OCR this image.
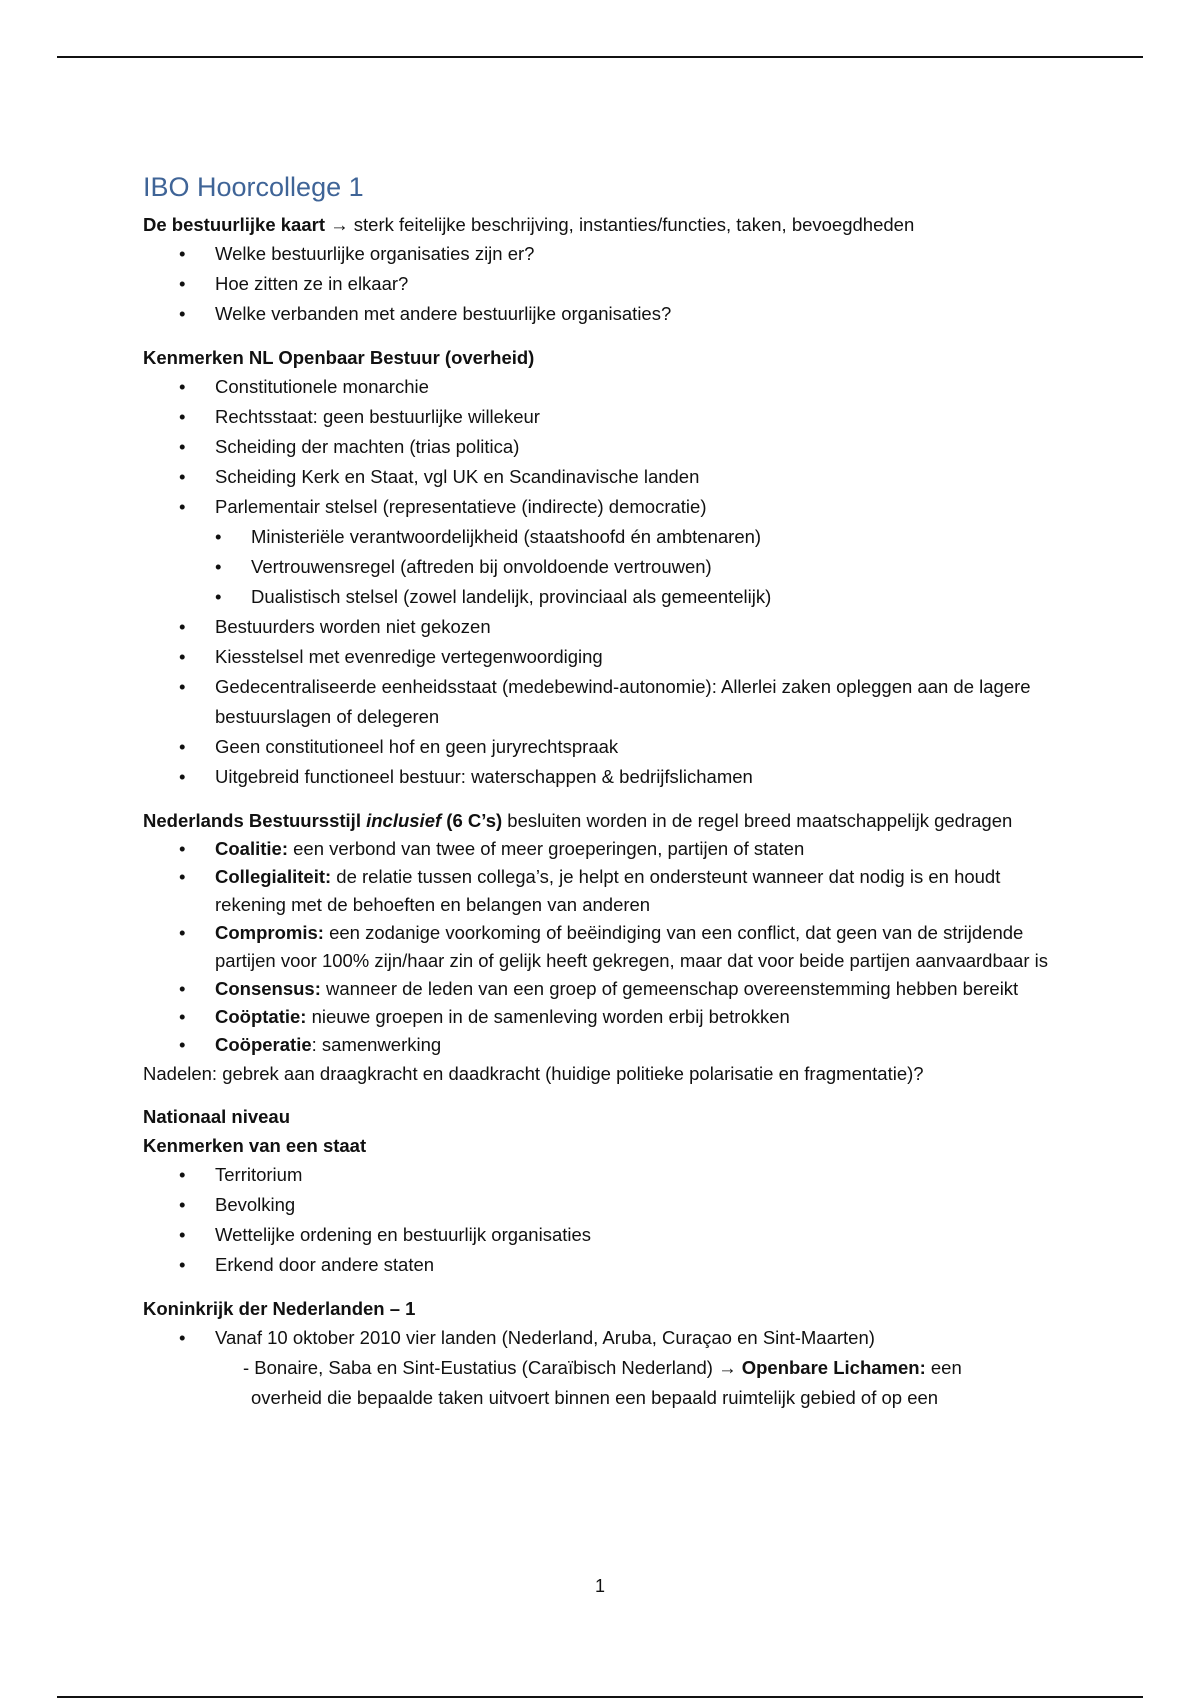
IBO Hoorcollege 1

De bestuurlijke kaart → sterk feitelijke beschrijving, instanties/functies, taken, bevoegdheden

• Welke bestuurlijke organisaties zijn er?
• Hoe zitten ze in elkaar?
• Welke verbanden met andere bestuurlijke organisaties?

Kenmerken NL Openbaar Bestuur (overheid)

• Constitutionele monarchie
• Rechtsstaat: geen bestuurlijke willekeur
• Scheiding der machten (trias politica)
• Scheiding Kerk en Staat, vgl UK en Scandinavische landen
• Parlementair stelsel (representatieve (indirecte) democratie)
• Ministeriële verantwoordelijkheid (staatshoofd én ambtenaren)
• Vertrouwensregel (aftreden bij onvoldoende vertrouwen)
• Dualistisch stelsel (zowel landelijk, provinciaal als gemeentelijk)
• Bestuurders worden niet gekozen
• Kiesstelsel met evenredige vertegenwoordiging
• Gedecentraliseerde eenheidsstaat (medebewind-autonomie): Allerlei zaken opleggen aan de lagere bestuurslagen of delegeren
• Geen constitutioneel hof en geen juryrechtspraak
• Uitgebreid functioneel bestuur: waterschappen & bedrijfslichamen

Nederlands Bestuursstijl inclusief (6 C’s) besluiten worden in de regel breed maatschappelijk gedragen

• Coalitie: een verbond van twee of meer groeperingen, partijen of staten
• Collegialiteit: de relatie tussen collega’s, je helpt en ondersteunt wanneer dat nodig is en houdt rekening met de behoeften en belangen van anderen
• Compromis: een zodanige voorkoming of beëindiging van een conflict, dat geen van de strijdende partijen voor 100% zijn/haar zin of gelijk heeft gekregen, maar dat voor beide partijen aanvaardbaar is
• Consensus: wanneer de leden van een groep of gemeenschap overeenstemming hebben bereikt
• Coöptatie: nieuwe groepen in de samenleving worden erbij betrokken
• Coöperatie: samenwerking

Nadelen: gebrek aan draagkracht en daadkracht (huidige politieke polarisatie en fragmentatie)?

Nationaal niveau

Kenmerken van een staat

• Territorium
• Bevolking
• Wettelijke ordening en bestuurlijk organisaties
• Erkend door andere staten

Koninkrijk der Nederlanden – 1

• Vanaf 10 oktober 2010 vier landen (Nederland, Aruba, Curaçao en Sint-Maarten)
- Bonaire, Saba en Sint-Eustatius (Caraïbisch Nederland) → Openbare Lichamen: een
overheid die bepaalde taken uitvoert binnen een bepaald ruimtelijk gebied of op een
1
